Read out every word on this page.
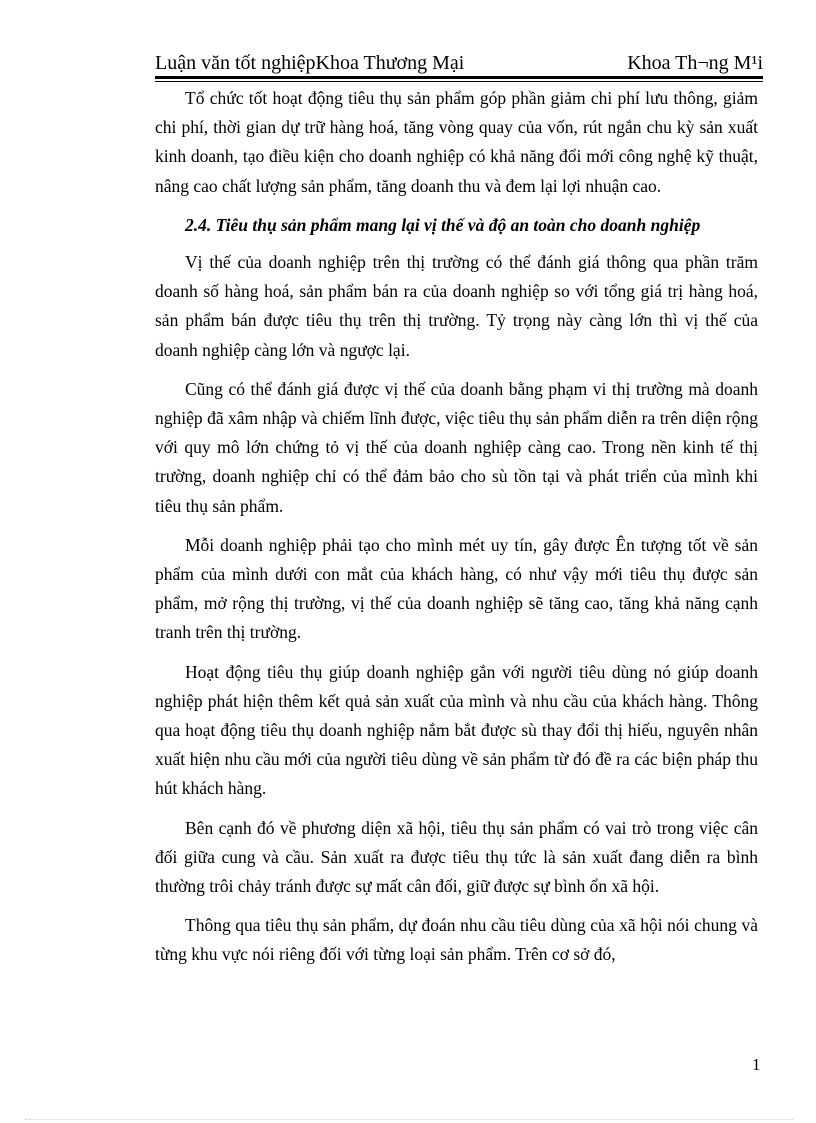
Luận văn tốt nghiệpKhoa Thương Mại	Khoa Th¬ng M¹i

Tổ chức tốt hoạt động tiêu thụ sản phẩm góp phần giảm chi phí lưu thông, giảm chi phí, thời gian dự trữ hàng hoá, tăng vòng quay của vốn, rút ngắn chu kỳ sản xuất kinh doanh, tạo điều kiện cho doanh nghiệp có khả năng đổi mới công nghệ kỹ thuật, nâng cao chất lượng sản phẩm, tăng doanh thu và đem lại lợi nhuận cao.

2.4. Tiêu thụ sản phẩm mang lại vị thế và độ an toàn cho doanh nghiệp

Vị thế của doanh nghiệp trên thị trường có thể đánh giá thông qua phần trăm doanh số hàng hoá, sản phẩm bán ra của doanh nghiệp so với tổng giá trị hàng hoá, sản phẩm bán được tiêu thụ trên thị trường. Tỷ trọng này càng lớn thì vị thế của doanh nghiệp càng lớn và ngược lại.

Cũng có thể đánh giá được vị thế của doanh bằng phạm vi thị trường mà doanh nghiệp đã xâm nhập và chiếm lĩnh được, việc tiêu thụ sản phẩm diễn ra trên diện rộng với quy mô lớn chứng tỏ vị thế của doanh nghiệp càng cao. Trong nền kinh tế thị trường, doanh nghiệp chỉ có thể đảm bảo cho sù tồn tại và phát triển của mình khi tiêu thụ sản phẩm.

Mỗi doanh nghiệp phải tạo cho mình mét uy tín, gây được Ên tượng tốt về sản phẩm của mình dưới con mắt của khách hàng, có như vậy mới tiêu thụ được sản phẩm, mở rộng thị trường, vị thế của doanh nghiệp sẽ tăng cao, tăng khả năng cạnh tranh trên thị trường.

Hoạt động tiêu thụ giúp doanh nghiệp gắn với người tiêu dùng nó giúp doanh nghiệp phát hiện thêm kết quả sản xuất của mình và nhu cầu của khách hàng. Thông qua hoạt động tiêu thụ doanh nghiệp nắm bắt được sù thay đổi thị hiếu, nguyên nhân xuất hiện nhu cầu mới của người tiêu dùng về sản phẩm từ đó đề ra các biện pháp thu hút khách hàng.

Bên cạnh đó về phương diện xã hội, tiêu thụ sản phẩm có vai trò trong việc cân đối giữa cung và cầu. Sản xuất ra được tiêu thụ tức là sản xuất đang diễn ra bình thường trôi chảy tránh được sự mất cân đối, giữ được sự bình ổn xã hội.

Thông qua tiêu thụ sản phẩm, dự đoán nhu cầu tiêu dùng của xã hội nói chung và từng khu vực nói riêng đối với từng loại sản phẩm. Trên cơ sở đó,

1
